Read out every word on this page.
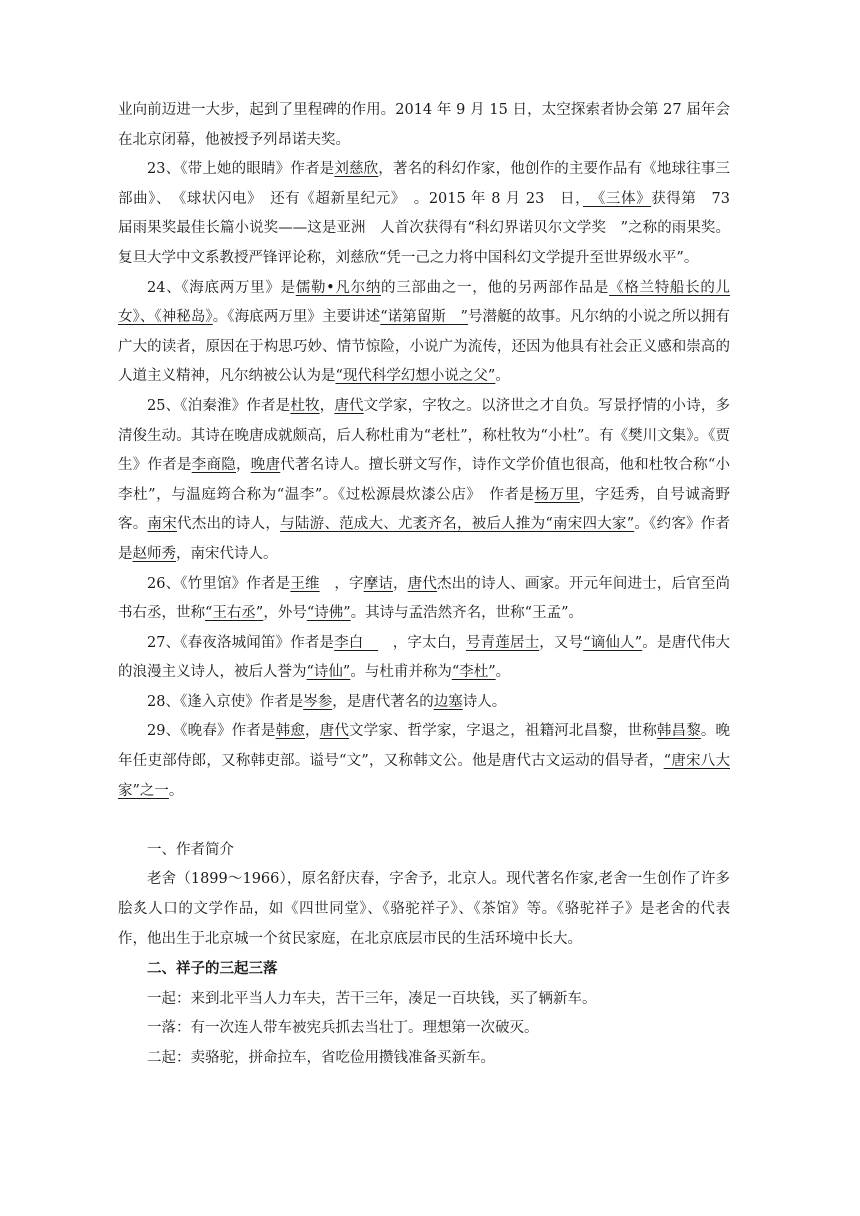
业向前迈进一大步，起到了里程碑的作用。2014 年 9 月 15 日，太空探索者协会第 27 届年会在北京闭幕，他被授予列昂诺夫奖。

23、《带上她的眼睛》作者是刘慈欣，著名的科幻作家，他创作的主要作品有《地球往事三部曲》、　《球状闪电》　还有《超新星纪元》　。2015 年 8 月 23　日，　《三体》获得第　73　届雨果奖最佳长篇小说奖——这是亚洲　人首次获得有“科幻界诺贝尔文学奖　”之称的雨果奖。复旦大学中文系教授严锋评论称，刘慈欣“凭一己之力将中国科幻文学提升至世界级水平”。

24、《海底两万里》是儒勒•凡尔纳的三部曲之一，他的另两部作品是《格兰特船长的儿女》、《神秘岛》。《海底两万里》主要讲述“诺第留斯　”号潜艇的故事。凡尔纳的小说之所以拥有广大的读者，原因在于构思巧妙、情节惊险，小说广为流传，还因为他具有社会正义感和崇高的人道主义精神，凡尔纳被公认为是“现代科学幻想小说之父”。

25、《泊秦淮》作者是杜牧，唐代文学家，字牧之。以济世之才自负。写景抒情的小诗，多清俊生动。其诗在晚唐成就颇高，后人称杜甫为“老杜”，称杜牧为“小杜”。有《樊川文集》。《贾生》作者是李商隐，晚唐代著名诗人。擅长骈文写作，诗作文学价值也很高，他和杜牧合称“小李杜”，与温庭筠合称为“温李”。《过松源晨炊漆公店》　作者是杨万里，字廷秀，自号诚斋野客。南宋代杰出的诗人，与陆游、范成大、尤袤齐名，被后人推为“南宋四大家”。《约客》作者是赵师秀，南宋代诗人。

26、《竹里馆》作者是王维　，字摩诘，唐代杰出的诗人、画家。开元年间进士，后官至尚书右丞，世称“王右丞”，外号“诗佛”。其诗与孟浩然齐名，世称“王孟”。

27、《春夜洛城闻笛》作者是李白　　，字太白，号青莲居士，又号“谪仙人”。是唐代伟大的浪漫主义诗人，被后人誉为“诗仙”。与杜甫并称为“李杜”。

28、《逢入京使》作者是岑参，是唐代著名的边塞诗人。

29、《晚春》作者是韩愈，唐代文学家、哲学家，字退之，祖籍河北昌黎，世称韩昌黎。晚年任吏部侍郎，又称韩吏部。谥号“文”，又称韩文公。他是唐代古文运动的倡导者，“唐宋八大家”之一。

一、作者简介

老舍（1899～1966），原名舒庆春，字舍予，北京人。现代著名作家,老舍一生创作了许多脍炙人口的文学作品，如《四世同堂》、《骆驼祥子》、《茶馆》等。《骆驼祥子》是老舍的代表作，他出生于北京城一个贫民家庭，在北京底层市民的生活环境中长大。

二、祥子的三起三落

一起：来到北平当人力车夫，苦干三年，凑足一百块钱，买了辆新车。

一落：有一次连人带车被宪兵抓去当壮丁。理想第一次破灭。

二起：卖骆驼，拼命拉车，省吃俭用攒钱准备买新车。
